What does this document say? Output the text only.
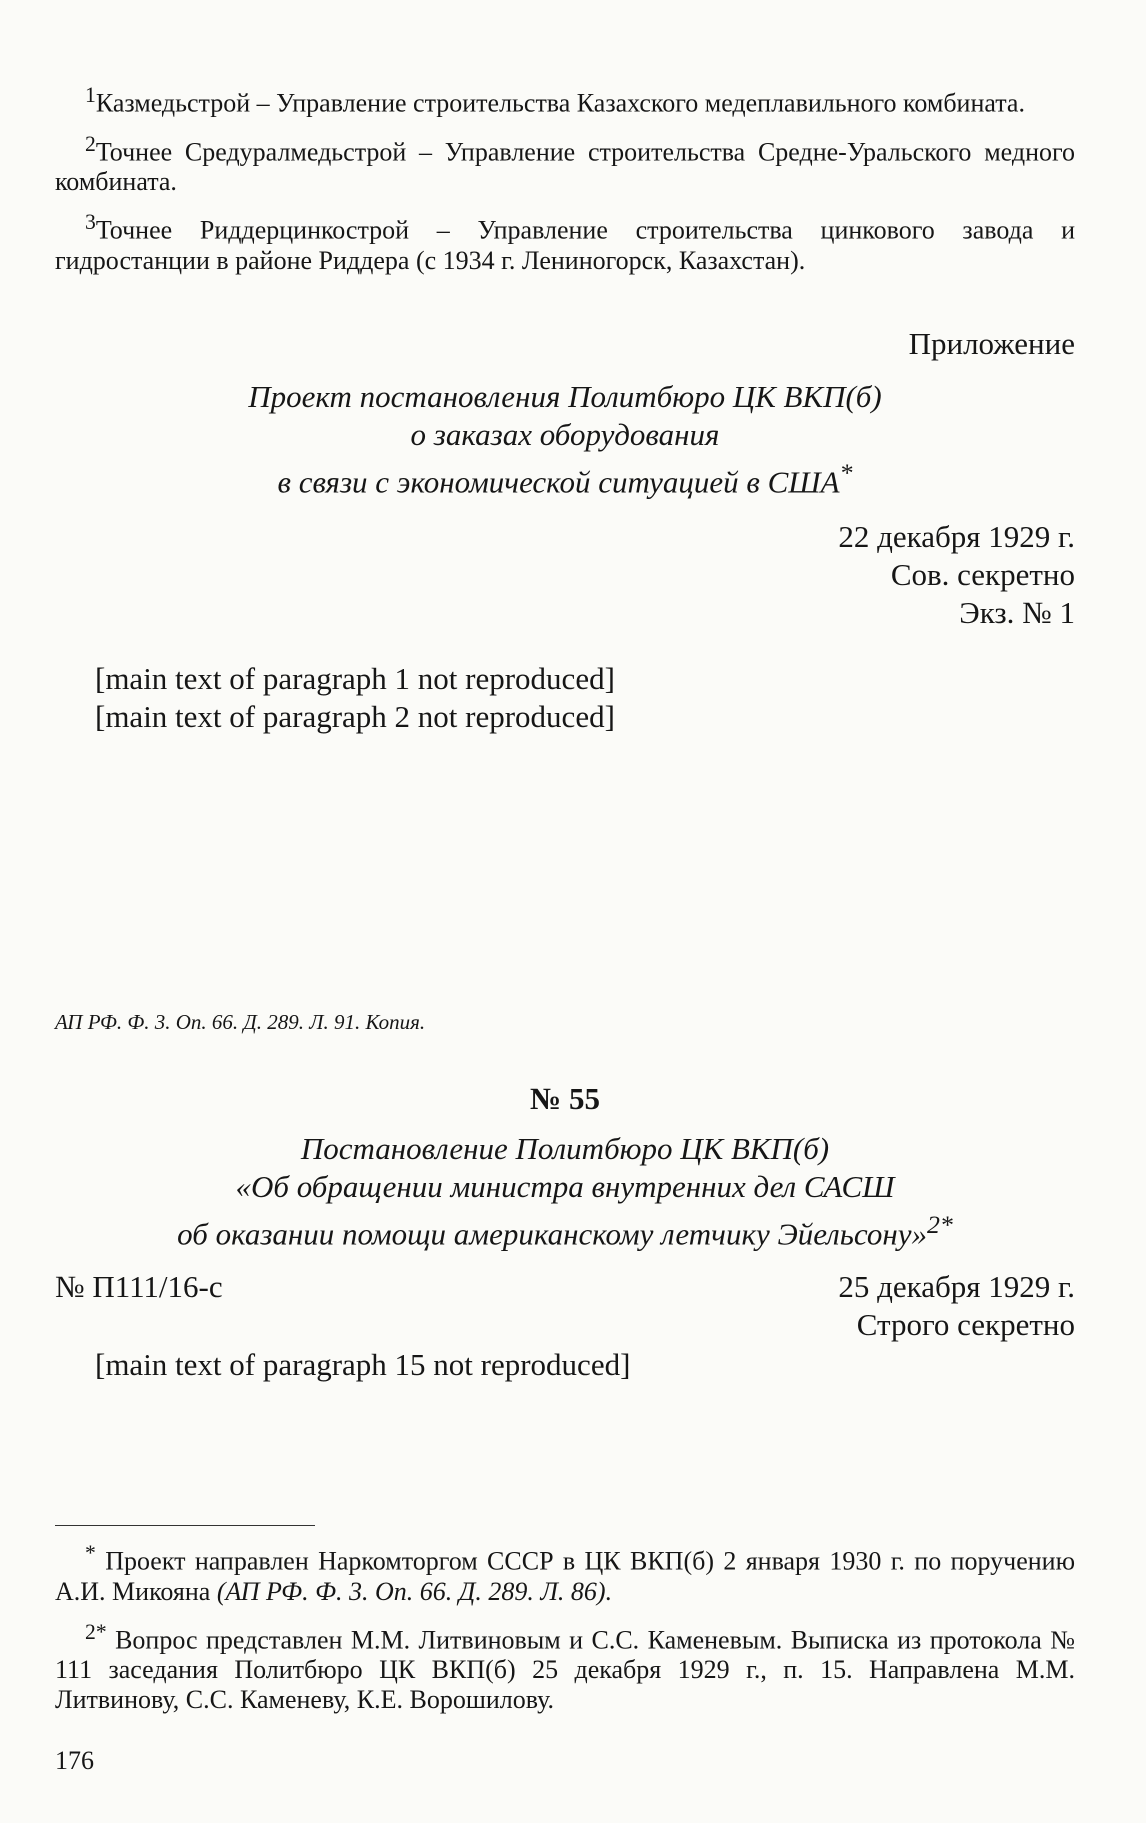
$^1$Казмедьстрой – Управление строительства Казахского медеплавильного комбината.

$^2$Точнее Средуралмедьстрой – Управление строительства Средне-Уральского медного комбината.

$^3$Точнее Риддерцинкострой – Управление строительства цинкового завода и гидростанции в районе Риддера (с 1934 г. Лениногорск, Казахстан).

Приложение
Проект постановления Политбюро ЦК ВКП(б)
о заказах оборудования
в связи с экономической ситуацией в США*
22 декабря 1929 г.
Сов. секретно
Экз. № 1

[main text of paragraph 1 not reproduced]

[main text of paragraph 2 not reproduced]

АП РФ. Ф. 3. Оп. 66. Д. 289. Л. 91. Копия.
№ 55
Постановление Политбюро ЦК ВКП(б)
«Об обращении министра внутренних дел САСШ
об оказании помощи американскому летчику Эйельсону»$^{2*}$
№ П111/16-с	25 декабря 1929 г.
Строго секретно

[main text of paragraph 15 not reproduced]

* Проект направлен Наркомторгом СССР в ЦК ВКП(б) 2 января 1930 г. по поручению А.И. Микояна (АП РФ. Ф. 3. Оп. 66. Д. 289. Л. 86).

$^{2*}$ Вопрос представлен М.М. Литвиновым и С.С. Каменевым. Выписка из протокола № 111 заседания Политбюро ЦК ВКП(б) 25 декабря 1929 г., п. 15. Направлена М.М. Литвинову, С.С. Каменеву, К.Е. Ворошилову.

176
